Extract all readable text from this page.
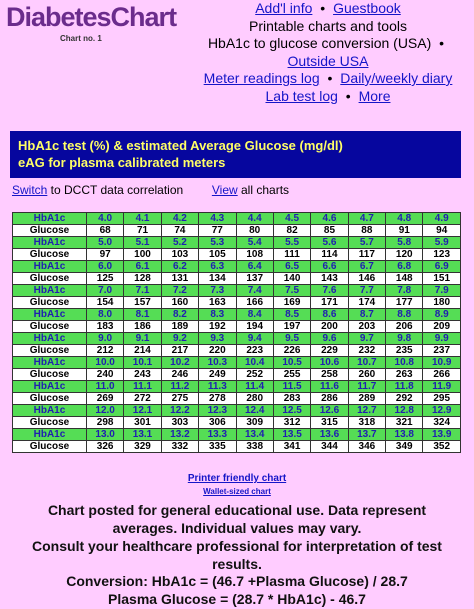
DiabetesChart
Chart no. 1
Add'l info • Guestbook
Printable charts and tools
HbA1c to glucose conversion (USA) •
Outside USA
Meter readings log • Daily/weekly diary
Lab test log • More
HbA1c test (%) & estimated Average Glucose (mg/dl)
eAG for plasma calibrated meters
Switch to DCCT data correlation View all charts
HbA1c	4.0	4.1	4.2	4.3	4.4	4.5	4.6	4.7	4.8	4.9
Glucose	68	71	74	77	80	82	85	88	91	94
HbA1c	5.0	5.1	5.2	5.3	5.4	5.5	5.6	5.7	5.8	5.9
Glucose	97	100	103	105	108	111	114	117	120	123
HbA1c	6.0	6.1	6.2	6.3	6.4	6.5	6.6	6.7	6.8	6.9
Glucose	125	128	131	134	137	140	143	146	148	151
HbA1c	7.0	7.1	7.2	7.3	7.4	7.5	7.6	7.7	7.8	7.9
Glucose	154	157	160	163	166	169	171	174	177	180
HbA1c	8.0	8.1	8.2	8.3	8.4	8.5	8.6	8.7	8.8	8.9
Glucose	183	186	189	192	194	197	200	203	206	209
HbA1c	9.0	9.1	9.2	9.3	9.4	9.5	9.6	9.7	9.8	9.9
Glucose	212	214	217	220	223	226	229	232	235	237
HbA1c	10.0	10.1	10.2	10.3	10.4	10.5	10.6	10.7	10.8	10.9
Glucose	240	243	246	249	252	255	258	260	263	266
HbA1c	11.0	11.1	11.2	11.3	11.4	11.5	11.6	11.7	11.8	11.9
Glucose	269	272	275	278	280	283	286	289	292	295
HbA1c	12.0	12.1	12.2	12.3	12.4	12.5	12.6	12.7	12.8	12.9
Glucose	298	301	303	306	309	312	315	318	321	324
HbA1c	13.0	13.1	13.2	13.3	13.4	13.5	13.6	13.7	13.8	13.9
Glucose	326	329	332	335	338	341	344	346	349	352
Printer friendly chart
Wallet-sized chart
Chart posted for general educational use. Data represent averages. Individual values may vary.
Consult your healthcare professional for interpretation of test results.
Conversion: HbA1c = (46.7 +Plasma Glucose) / 28.7
Plasma Glucose = (28.7 * HbA1c) - 46.7
